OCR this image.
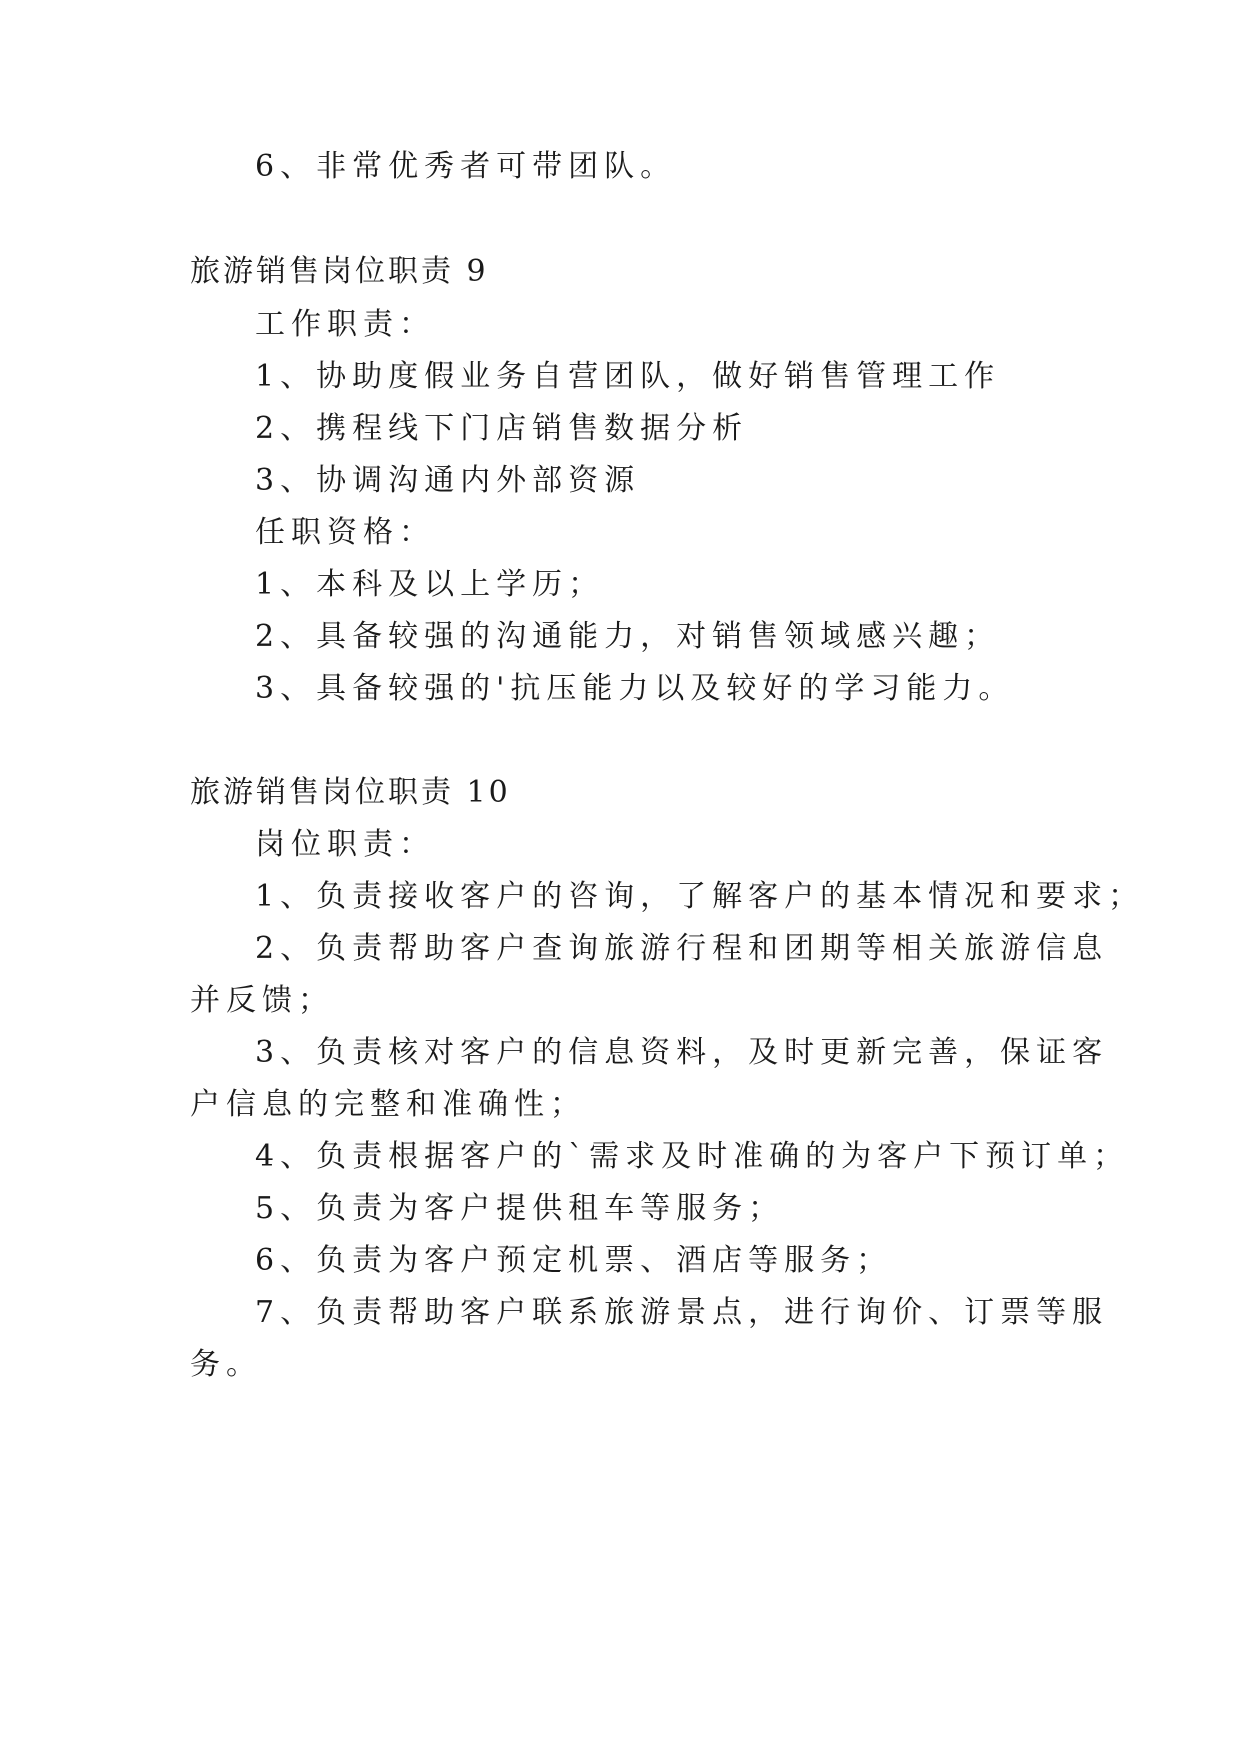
6、非常优秀者可带团队。
旅游销售岗位职责 9
工作职责：
1、协助度假业务自营团队，做好销售管理工作
2、携程线下门店销售数据分析
3、协调沟通内外部资源
任职资格：
1、本科及以上学历；
2、具备较强的沟通能力，对销售领域感兴趣；
3、具备较强的'抗压能力以及较好的学习能力。
旅游销售岗位职责 10
岗位职责：
1、负责接收客户的咨询，了解客户的基本情况和要求；
2、负责帮助客户查询旅游行程和团期等相关旅游信息
并反馈；
3、负责核对客户的信息资料，及时更新完善，保证客
户信息的完整和准确性；
4、负责根据客户的`需求及时准确的为客户下预订单；
5、负责为客户提供租车等服务；
6、负责为客户预定机票、酒店等服务；
7、负责帮助客户联系旅游景点，进行询价、订票等服
务。
